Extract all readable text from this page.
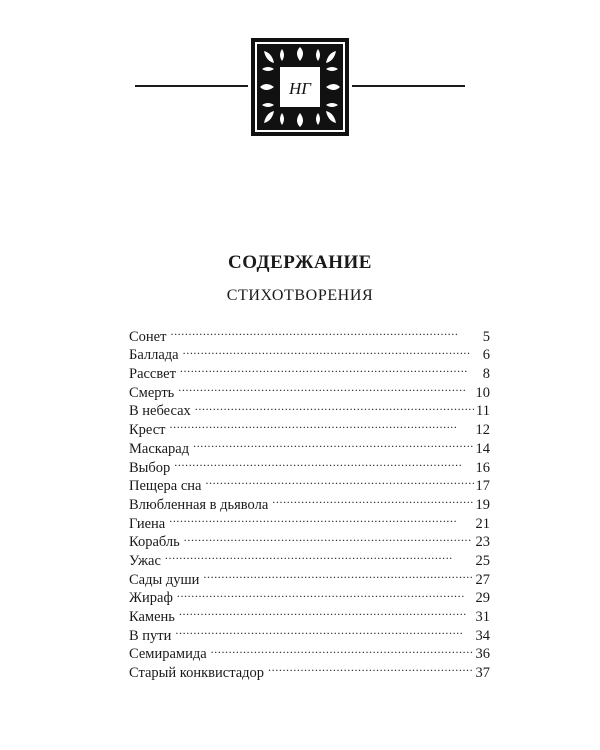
НГ
СОДЕРЖАНИЕ
СТИХОТВОРЕНИЯ
Сонет . . .	5
Баллада . . .	6
Рассвет . . .	8
Смерть . . .	10
В небесах . . .	11
Крест . . .	12
Маскарад . . .	14
Выбор . . .	16
Пещера сна . . .	17
Влюбленная в дьявола . . .	19
Гиена . . .	21
Корабль . . .	23
Ужас . . .	25
Сады души . . .	27
Жираф . . .	29
Камень . . .	31
В пути . . .	34
Семирамида . . .	36
Старый конквистадор . . .	37
